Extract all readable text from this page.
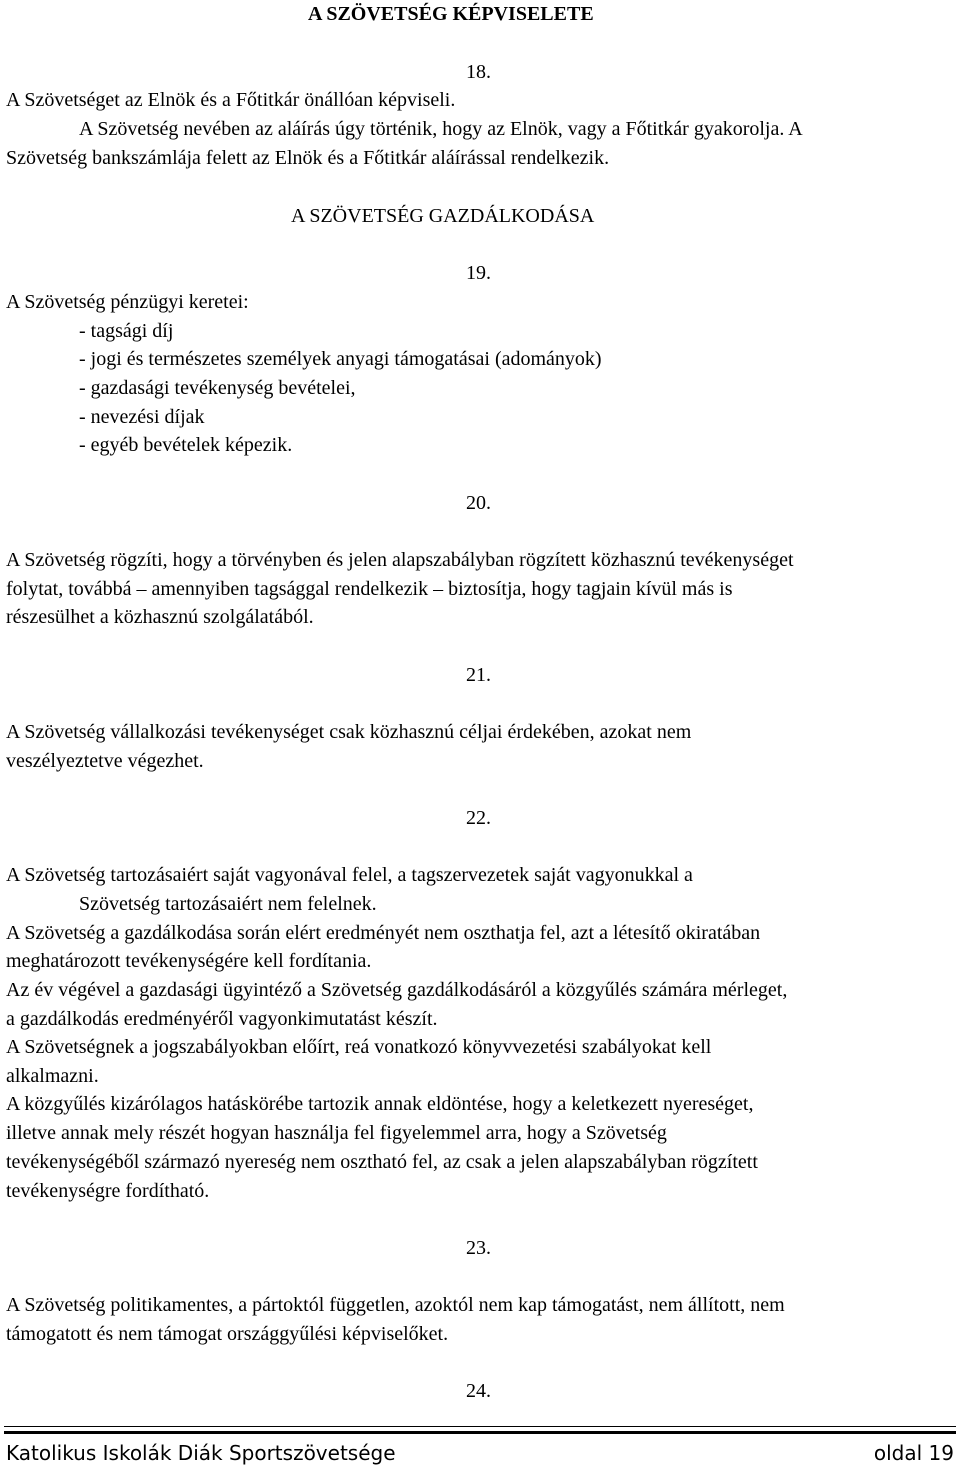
A SZÖVETSÉG KÉPVISELETE
18.
A Szövetséget az Elnök és a Főtitkár önállóan képviseli.
A Szövetség nevében az aláírás úgy történik, hogy az Elnök, vagy a Főtitkár gyakorolja. A
Szövetség bankszámlája felett az Elnök és a Főtitkár aláírással rendelkezik.
A SZÖVETSÉG GAZDÁLKODÁSA
19.
A Szövetség pénzügyi keretei:
- tagsági díj
- jogi és természetes személyek anyagi támogatásai (adományok)
- gazdasági tevékenység bevételei,
- nevezési díjak
- egyéb bevételek képezik.
20.
A Szövetség rögzíti, hogy a törvényben és jelen alapszabályban rögzített közhasznú tevékenységet
folytat, továbbá – amennyiben tagsággal rendelkezik – biztosítja, hogy tagjain kívül más is
részesülhet a közhasznú szolgálatából.
21.
A Szövetség vállalkozási tevékenységet csak közhasznú céljai érdekében, azokat nem
veszélyeztetve végezhet.
22.
A Szövetség tartozásaiért saját vagyonával felel, a tagszervezetek saját vagyonukkal a
Szövetség tartozásaiért nem felelnek.
A Szövetség a gazdálkodása során elért eredményét nem oszthatja fel, azt a létesítő okiratában
meghatározott tevékenységére kell fordítania.
Az év végével a gazdasági ügyintéző a Szövetség gazdálkodásáról a közgyűlés számára mérleget,
a gazdálkodás eredményéről vagyonkimutatást készít.
A Szövetségnek a jogszabályokban előírt, reá vonatkozó könyvvezetési szabályokat kell
alkalmazni.
A közgyűlés kizárólagos hatáskörébe tartozik annak eldöntése, hogy a keletkezett nyereséget,
illetve annak mely részét hogyan használja fel figyelemmel arra, hogy a Szövetség
tevékenységéből származó nyereség nem osztható fel, az csak a jelen alapszabályban rögzített
tevékenységre fordítható.
23.
A Szövetség politikamentes, a pártoktól független, azoktól nem kap támogatást, nem állított, nem
támogatott és nem támogat országgyűlési képviselőket.
24.
Katolikus Iskolák Diák Sportszövetsége	oldal 19
